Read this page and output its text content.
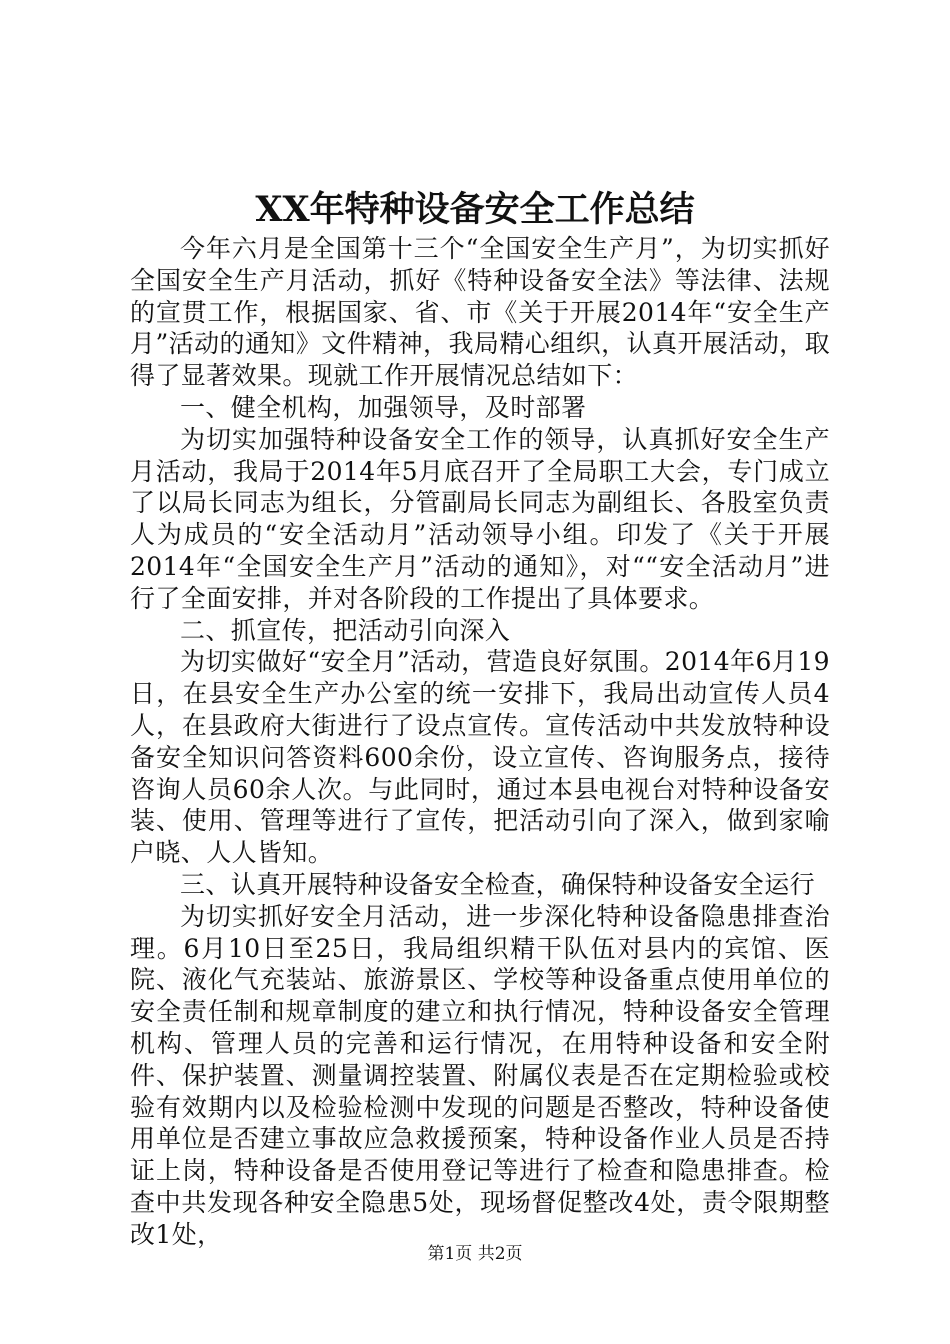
XX年特种设备安全工作总结

今年六月是全国第十三个“全国安全生产月”，为切实抓好全国安全生产月活动，抓好《特种设备安全法》等法律、法规的宣贯工作，根据国家、省、市《关于开展2014年“安全生产月”活动的通知》文件精神，我局精心组织，认真开展活动，取得了显著效果。现就工作开展情况总结如下：

一、健全机构，加强领导，及时部署

为切实加强特种设备安全工作的领导，认真抓好安全生产月活动，我局于2014年5月底召开了全局职工大会，专门成立了以局长同志为组长，分管副局长同志为副组长、各股室负责人为成员的“安全活动月”活动领导小组。印发了《关于开展2014年“全国安全生产月”活动的通知》，对““安全活动月”进行了全面安排，并对各阶段的工作提出了具体要求。

二、抓宣传，把活动引向深入

为切实做好“安全月”活动，营造良好氛围。2014年6月19日，在县安全生产办公室的统一安排下，我局出动宣传人员4人，在县政府大街进行了设点宣传。宣传活动中共发放特种设备安全知识问答资料600余份，设立宣传、咨询服务点，接待咨询人员60余人次。与此同时，通过本县电视台对特种设备安装、使用、管理等进行了宣传，把活动引向了深入，做到家喻户晓、人人皆知。

三、认真开展特种设备安全检查，确保特种设备安全运行

为切实抓好安全月活动，进一步深化特种设备隐患排查治理。6月10日至25日，我局组织精干队伍对县内的宾馆、医院、液化气充装站、旅游景区、学校等种设备重点使用单位的安全责任制和规章制度的建立和执行情况，特种设备安全管理机构、管理人员的完善和运行情况，在用特种设备和安全附件、保护装置、测量调控装置、附属仪表是否在定期检验或校验有效期内以及检验检测中发现的问题是否整改，特种设备使用单位是否建立事故应急救援预案，特种设备作业人员是否持证上岗，特种设备是否使用登记等进行了检查和隐患排查。检查中共发现各种安全隐患5处，现场督促整改4处，责令限期整改1处，

第1页 共2页
